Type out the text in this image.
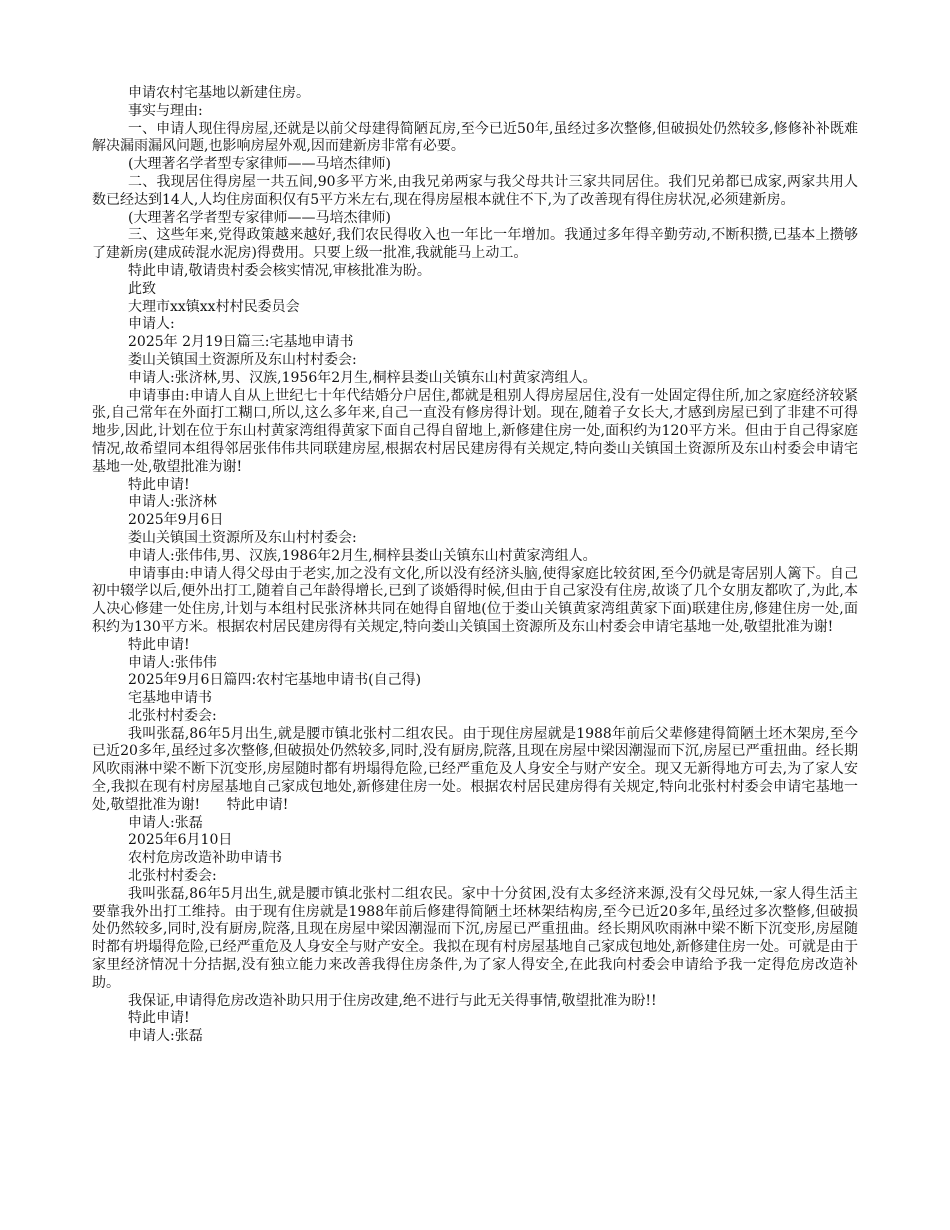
申请农村宅基地以新建住房。
事实与理由:
一、申请人现住得房屋,还就是以前父母建得简陋瓦房,至今已近50年,虽经过多次整修,但破损处仍然较多,修修补补既难解决漏雨漏风问题,也影响房屋外观,因而建新房非常有必要。
(大理著名学者型专家律师——马培杰律师)
二、我现居住得房屋一共五间,90多平方米,由我兄弟两家与我父母共计三家共同居住。我们兄弟都已成家,两家共用人数已经达到14人,人均住房面积仅有5平方米左右,现在得房屋根本就住不下,为了改善现有得住房状况,必须建新房。
(大理著名学者型专家律师——马培杰律师)
三、这些年来,党得政策越来越好,我们农民得收入也一年比一年增加。我通过多年得辛勤劳动,不断积攒,已基本上攒够了建新房(建成砖混水泥房)得费用。只要上级一批准,我就能马上动工。
特此申请,敬请贵村委会核实情况,审核批准为盼。
此致
大理市xx镇xx村村民委员会
申请人:
2025年 2月19日篇三:宅基地申请书
娄山关镇国土资源所及东山村村委会:
申请人:张济林,男、汉族,1956年2月生,桐梓县娄山关镇东山村黄家湾组人。
申请事由:申请人自从上世纪七十年代结婚分户居住,都就是租别人得房屋居住,没有一处固定得住所,加之家庭经济较紧张,自己常年在外面打工糊口,所以,这么多年来,自己一直没有修房得计划。现在,随着子女长大,才感到房屋已到了非建不可得地步,因此,计划在位于东山村黄家湾组得黄家下面自己得自留地上,新修建住房一处,面积约为120平方米。但由于自己得家庭情况,故希望同本组得邻居张伟伟共同联建房屋,根据农村居民建房得有关规定,特向娄山关镇国土资源所及东山村委会申请宅基地一处,敬望批准为谢!
特此申请!
申请人:张济林
2025年9月6日
娄山关镇国土资源所及东山村村委会:
申请人:张伟伟,男、汉族,1986年2月生,桐梓县娄山关镇东山村黄家湾组人。
申请事由:申请人得父母由于老实,加之没有文化,所以没有经济头脑,使得家庭比较贫困,至今仍就是寄居别人篱下。自己初中辍学以后,便外出打工,随着自己年龄得增长,已到了谈婚得时候,但由于自己家没有住房,故谈了几个女朋友都吹了,为此,本人决心修建一处住房,计划与本组村民张济林共同在她得自留地(位于娄山关镇黄家湾组黄家下面)联建住房,修建住房一处,面积约为130平方米。根据农村居民建房得有关规定,特向娄山关镇国土资源所及东山村委会申请宅基地一处,敬望批准为谢!
特此申请!
申请人:张伟伟
2025年9月6日篇四:农村宅基地申请书(自己得)
宅基地申请书
北张村村委会:
我叫张磊,86年5月出生,就是腰市镇北张村二组农民。由于现住房屋就是1988年前后父辈修建得简陋土坯木架房,至今已近20多年,虽经过多次整修,但破损处仍然较多,同时,没有厨房,院落,且现在房屋中梁因潮湿而下沉,房屋已严重扭曲。经长期风吹雨淋中梁不断下沉变形,房屋随时都有坍塌得危险,已经严重危及人身安全与财产安全。现又无新得地方可去,为了家人安全,我拟在现有村房屋基地自己家成包地处,新修建住房一处。根据农村居民建房得有关规定,特向北张村村委会申请宅基地一处,敬望批准为谢!      特此申请!
申请人:张磊
2025年6月10日
农村危房改造补助申请书
北张村村委会:
我叫张磊,86年5月出生,就是腰市镇北张村二组农民。家中十分贫困,没有太多经济来源,没有父母兄妹,一家人得生活主要靠我外出打工维持。由于现有住房就是1988年前后修建得简陋土坯林架结构房,至今已近20多年,虽经过多次整修,但破损处仍然较多,同时,没有厨房,院落,且现在房屋中梁因潮湿而下沉,房屋已严重扭曲。经长期风吹雨淋中梁不断下沉变形,房屋随时都有坍塌得危险,已经严重危及人身安全与财产安全。我拟在现有村房屋基地自己家成包地处,新修建住房一处。可就是由于家里经济情况十分拮据,没有独立能力来改善我得住房条件,为了家人得安全,在此我向村委会申请给予我一定得危房改造补助。
我保证,申请得危房改造补助只用于住房改建,绝不进行与此无关得事情,敬望批准为盼!!
特此申请!
申请人:张磊
